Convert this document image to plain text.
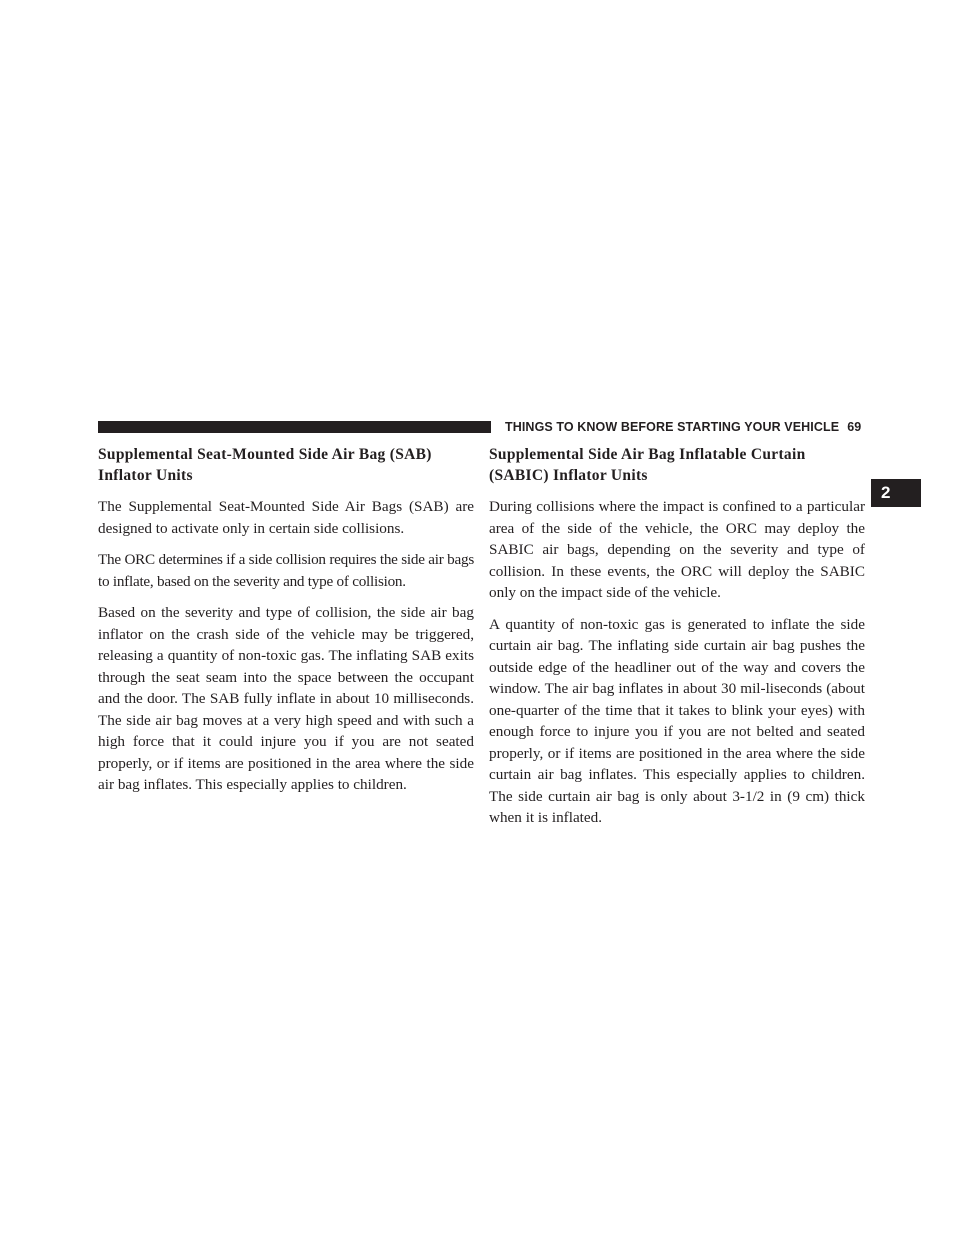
THINGS TO KNOW BEFORE STARTING YOUR VEHICLE 69
2
Supplemental Seat-Mounted Side Air Bag (SAB) Inflator Units

The Supplemental Seat-Mounted Side Air Bags (SAB) are designed to activate only in certain side collisions.

The ORC determines if a side collision requires the side air bags to inflate, based on the severity and type of collision.

Based on the severity and type of collision, the side air bag inflator on the crash side of the vehicle may be triggered, releasing a quantity of non-toxic gas. The inflating SAB exits through the seat seam into the space between the occupant and the door. The SAB fully inflate in about 10 milliseconds. The side air bag moves at a very high speed and with such a high force that it could injure you if you are not seated properly, or if items are positioned in the area where the side air bag inflates. This especially applies to children.

Supplemental Side Air Bag Inflatable Curtain (SABIC) Inflator Units

During collisions where the impact is confined to a particular area of the side of the vehicle, the ORC may deploy the SABIC air bags, depending on the severity and type of collision. In these events, the ORC will deploy the SABIC only on the impact side of the vehicle.

A quantity of non-toxic gas is generated to inflate the side curtain air bag. The inflating side curtain air bag pushes the outside edge of the headliner out of the way and covers the window. The air bag inflates in about 30 mil-liseconds (about one-quarter of the time that it takes to blink your eyes) with enough force to injure you if you are not belted and seated properly, or if items are positioned in the area where the side curtain air bag inflates. This especially applies to children. The side curtain air bag is only about 3-1/2 in (9 cm) thick when it is inflated.
